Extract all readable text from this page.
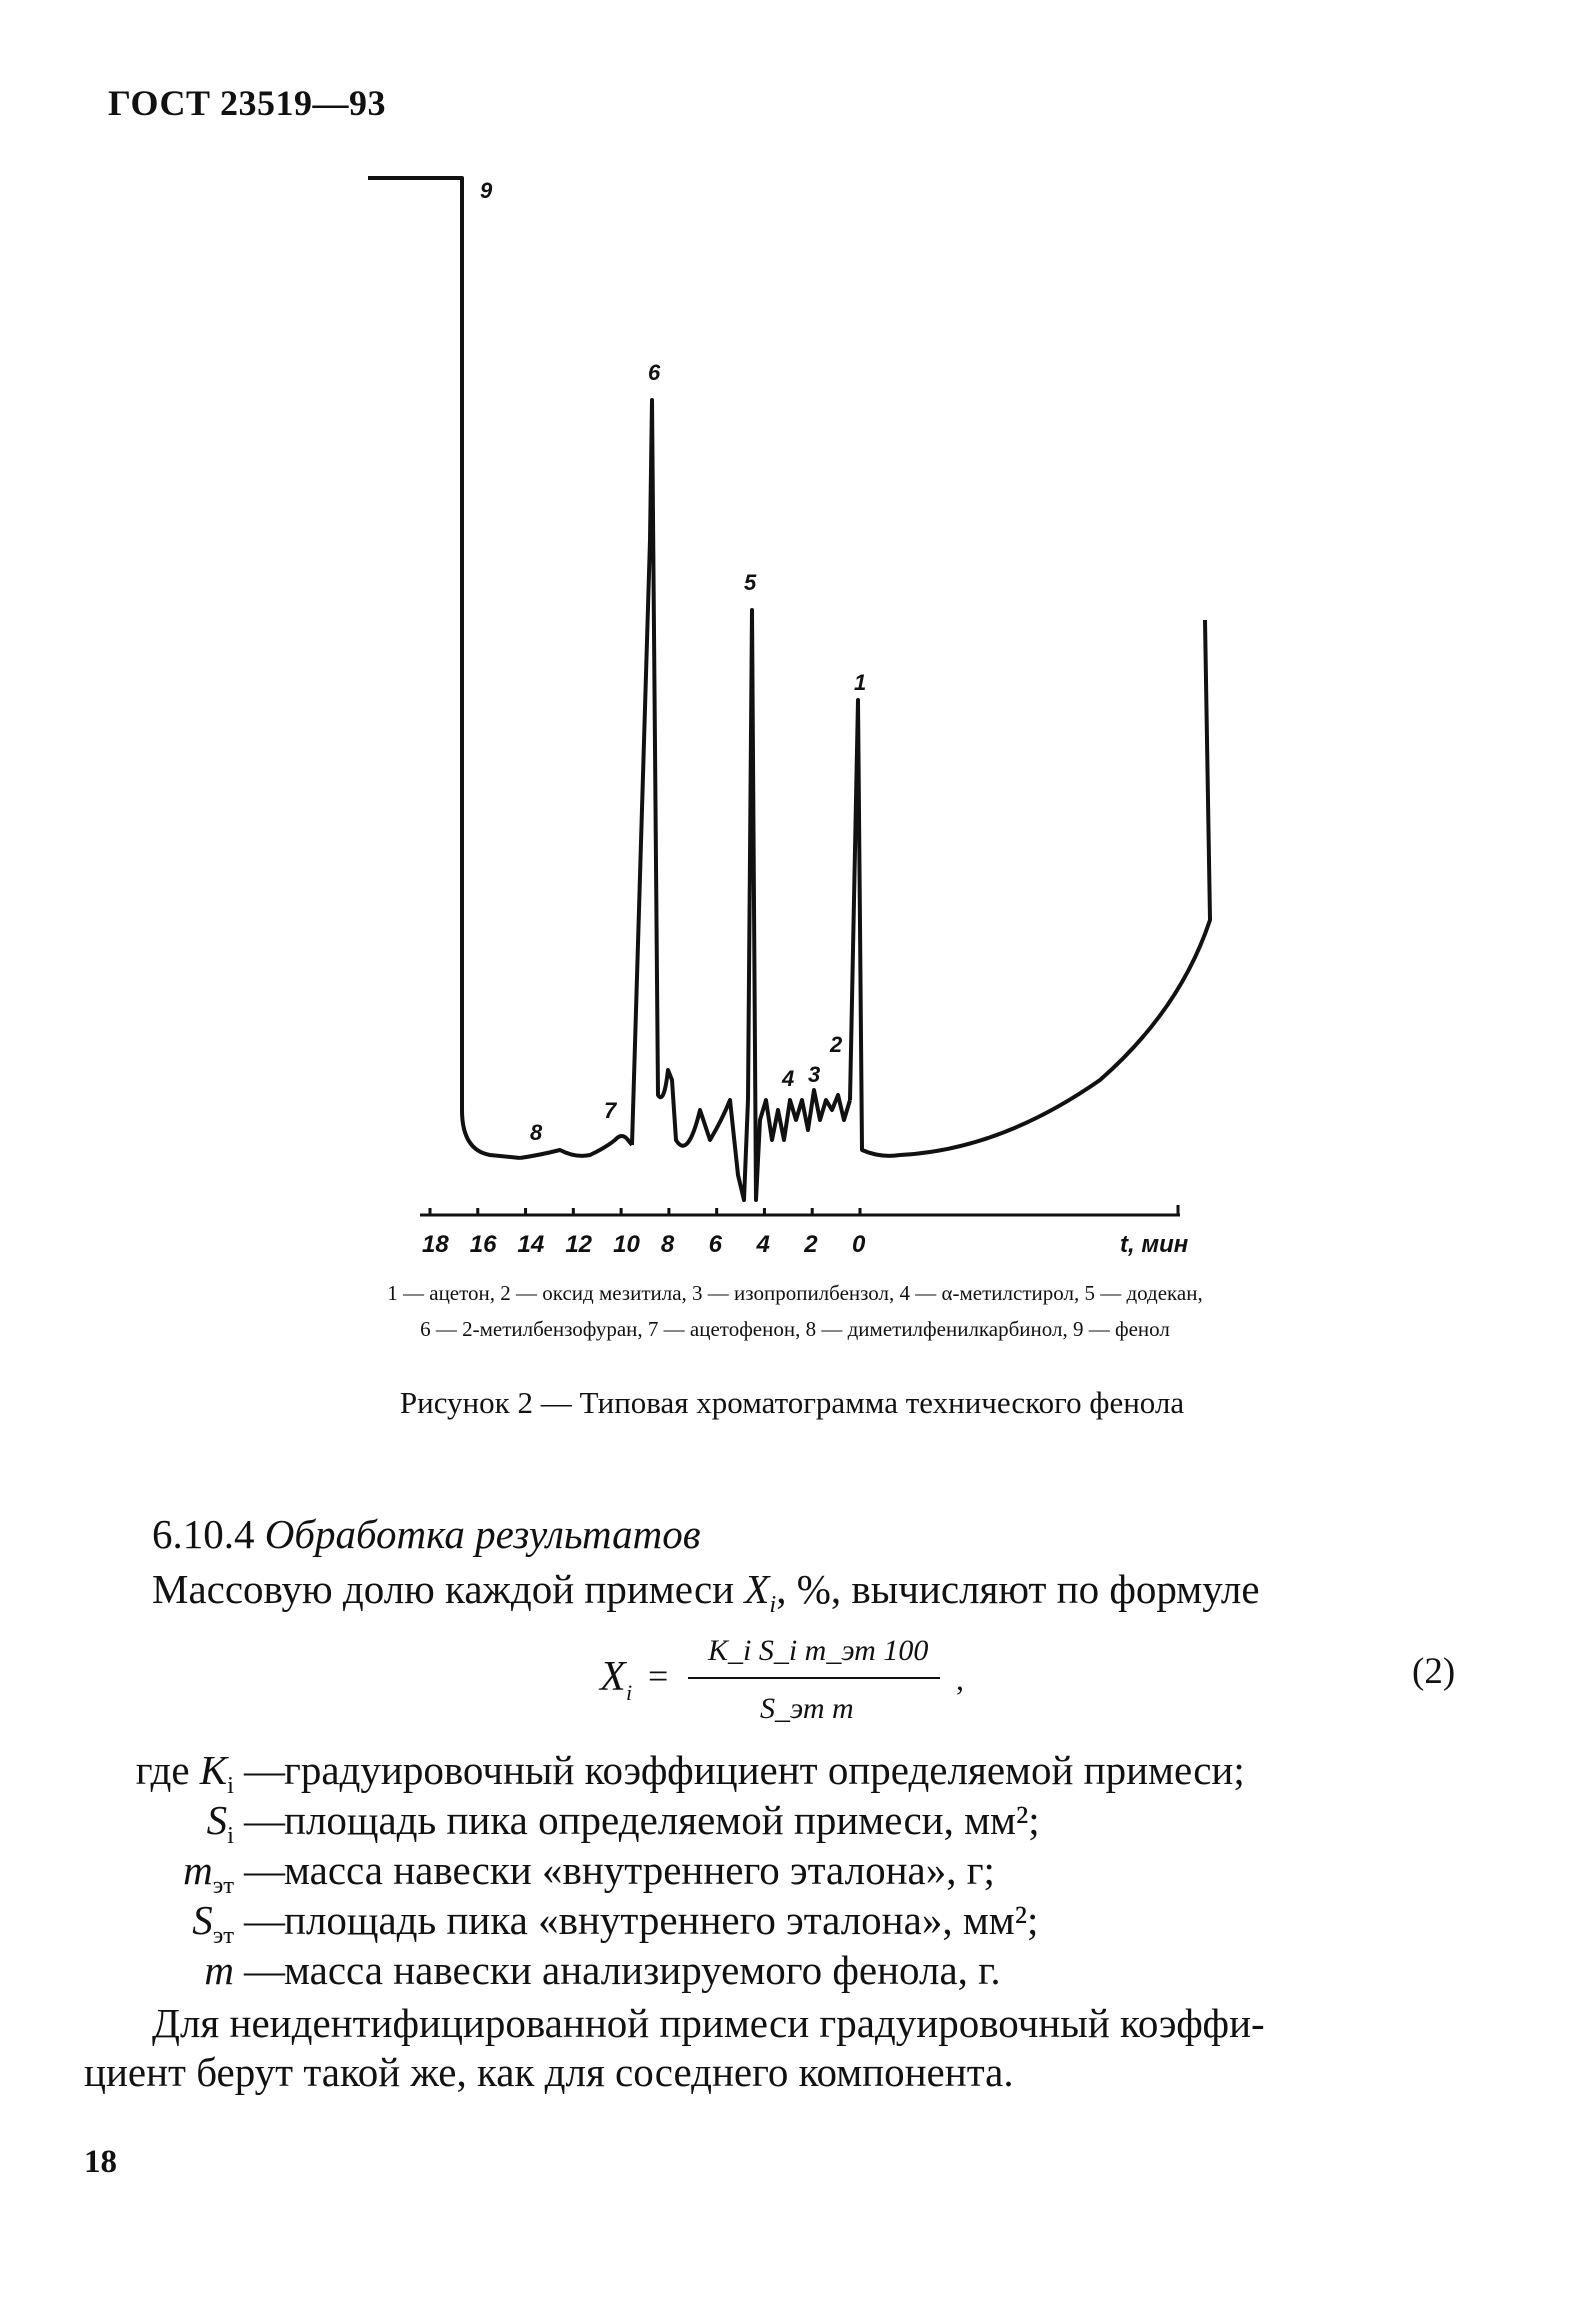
ГОСТ 23519—93
9
8
7
6
5
4 3
2
1
18 16 14 12 10 8 6 4 2 0	t, мин
1 — ацетон, 2 — оксид мезитила, 3 — изопропилбензол, 4 — α-метилстирол, 5 — додекан,
6 — 2-метилбензофуран, 7 — ацетофенон, 8 — диметилфенилкарбинол, 9 — фенол
Рисунок 2 — Типовая хроматограмма технического фенола
6.10.4 Обработка результатов
Массовую долю каждой примеси $X_i$, %, вычисляют по формуле
X i =
K_i S_i m_эт 100
S_эт m
,	(2)
где $K_i$ — градуировочный коэффициент определяемой примеси;
$S_i$ — площадь пика определяемой примеси, мм²;
$m_{эт}$ — масса навески «внутреннего эталона», г;
$S_{эт}$ — площадь пика «внутреннего эталона», мм²;
m — масса навески анализируемого фенола, г.
Для неидентифицированной примеси градуировочный коэффи-
циент берут такой же, как для соседнего компонента.
18
